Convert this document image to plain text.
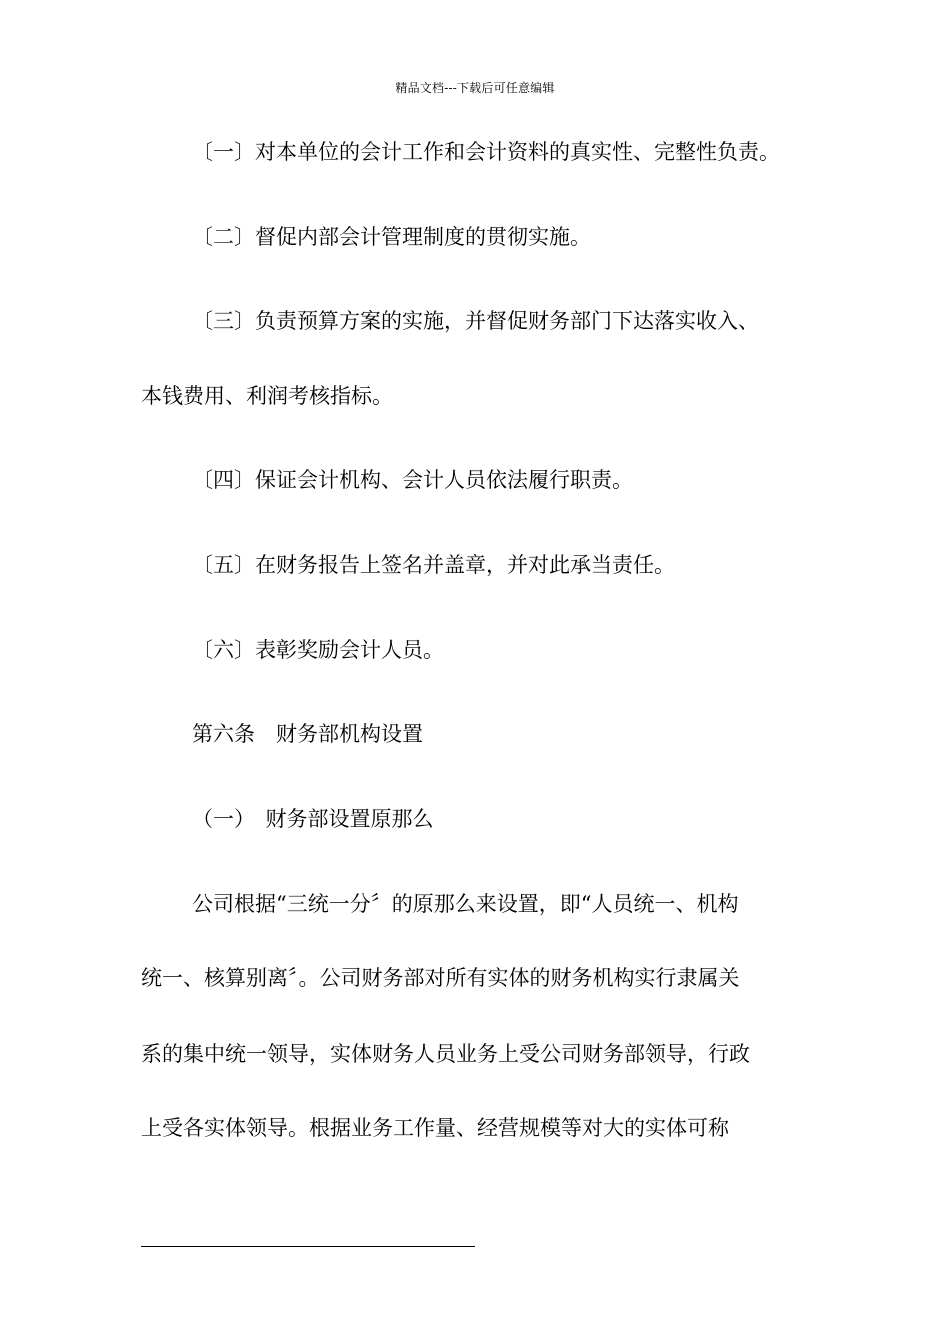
精品文档---下载后可任意编辑
〔一〕对本单位的会计工作和会计资料的真实性、完整性负责。
〔二〕督促内部会计管理制度的贯彻实施。
〔三〕负责预算方案的实施，并督促财务部门下达落实收入、
本钱费用、利润考核指标。
〔四〕保证会计机构、会计人员依法履行职责。
〔五〕在财务报告上签名并盖章，并对此承当责任。
〔六〕表彰奖励会计人员。
第六条　财务部机构设置
（一）　财务部设置原那么
公司根据“三统一分〞的原那么来设置，即“人员统一、机构
统一、核算别离〞。公司财务部对所有实体的财务机构实行隶属关
系的集中统一领导，实体财务人员业务上受公司财务部领导，行政
上受各实体领导。根据业务工作量、经营规模等对大的实体可称
